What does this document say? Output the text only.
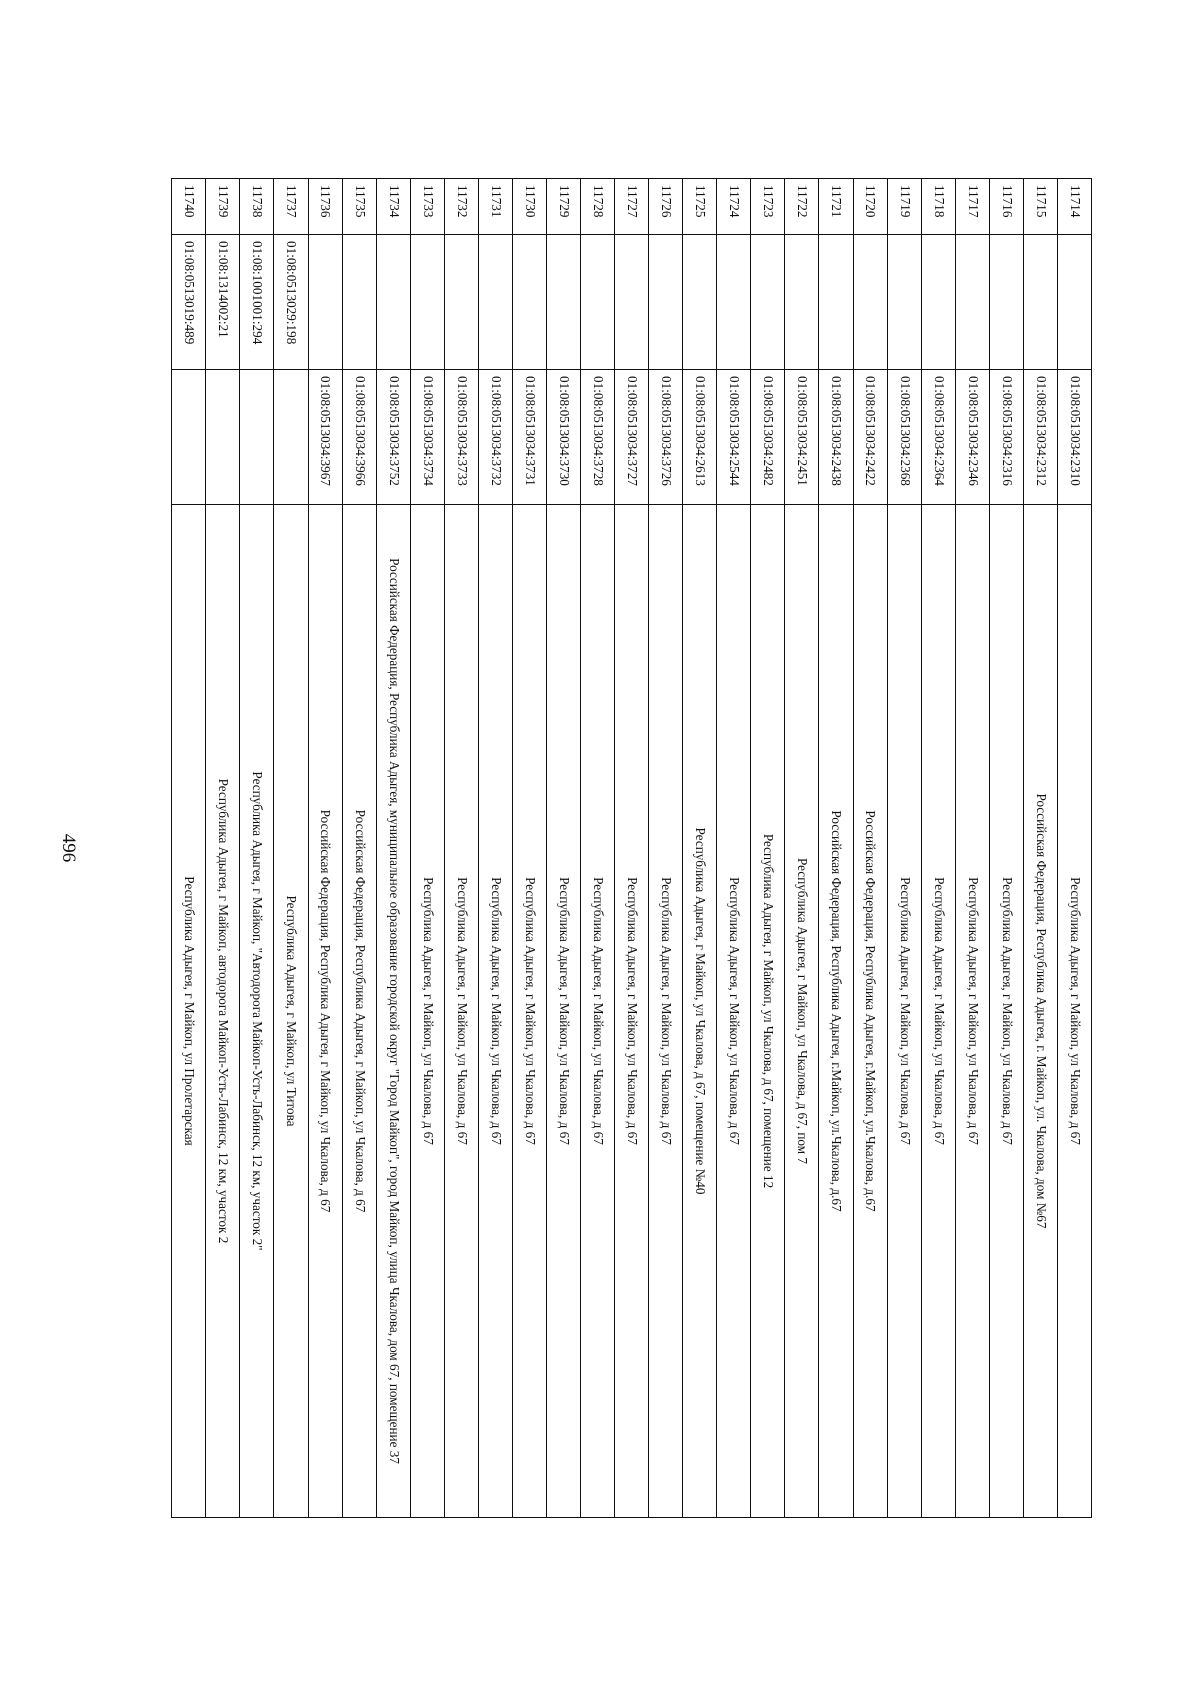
496
11714		01:08:0513034:2310	Республика Адыгея, г Майкоп, ул Чкалова, д 67
11715		01:08:0513034:2312	Российская Федерация, Республика Адыгея, г. Майкоп, ул. Чкалова, дом №67
11716		01:08:0513034:2316	Республика Адыгея, г Майкоп, ул Чкалова, д 67
11717		01:08:0513034:2346	Республика Адыгея, г Майкоп, ул Чкалова, д 67
11718		01:08:0513034:2364	Республика Адыгея, г Майкоп, ул Чкалова, д 67
11719		01:08:0513034:2368	Республика Адыгея, г Майкоп, ул Чкалова, д 67
11720		01:08:0513034:2422	Российская Федерация, Республика Адыгея, г.Майкоп, ул.Чкалова, д.67
11721		01:08:0513034:2438	Российская Федерация, Республика Адыгея, г.Майкоп, ул.Чкалова, д.67
11722		01:08:0513034:2451	Республика Адыгея, г Майкоп, ул Чкалова, д 67, пом 7
11723		01:08:0513034:2482	Республика Адыгея, г Майкоп, ул Чкалова, д 67, помещение 12
11724		01:08:0513034:2544	Республика Адыгея, г Майкоп, ул Чкалова, д 67
11725		01:08:0513034:2613	Республика Адыгея, г Майкоп, ул Чкалова, д 67, помещение №40
11726		01:08:0513034:3726	Республика Адыгея, г Майкоп, ул Чкалова, д 67
11727		01:08:0513034:3727	Республика Адыгея, г Майкоп, ул Чкалова, д 67
11728		01:08:0513034:3728	Республика Адыгея, г Майкоп, ул Чкалова, д 67
11729		01:08:0513034:3730	Республика Адыгея, г Майкоп, ул Чкалова, д 67
11730		01:08:0513034:3731	Республика Адыгея, г Майкоп, ул Чкалова, д 67
11731		01:08:0513034:3732	Республика Адыгея, г Майкоп, ул Чкалова, д 67
11732		01:08:0513034:3733	Республика Адыгея, г Майкоп, ул Чкалова, д 67
11733		01:08:0513034:3734	Республика Адыгея, г Майкоп, ул Чкалова, д 67
11734		01:08:0513034:3752	Российская Федерация, Республика Адыгея, муниципальное образование городской округ "Город Майкоп", город Майкоп, улица Чкалова, дом 67, помещение 37
11735		01:08:0513034:3966	Российская Федерация, Республика Адыгея, г Майкоп, ул Чкалова, д 67
11736		01:08:0513034:3967	Российская Федерация, Республика Адыгея, г Майкоп, ул Чкалова, д 67
11737	01:08:0513029:198		Республика Адыгея, г Майкоп, ул Титова
11738	01:08:1001001:294		Республика Адыгея, г Майкоп, "Автодорога Майкоп-Усть-Лабинск, 12 км, участок 2"
11739	01:08:1314002:21		Республика Адыгея, г Майкоп, автодорога Майкоп-Усть-Лабинск, 12 км, участок 2
11740	01:08:0513019:489		Республика Адыгея, г Майкоп, ул Пролетарская
